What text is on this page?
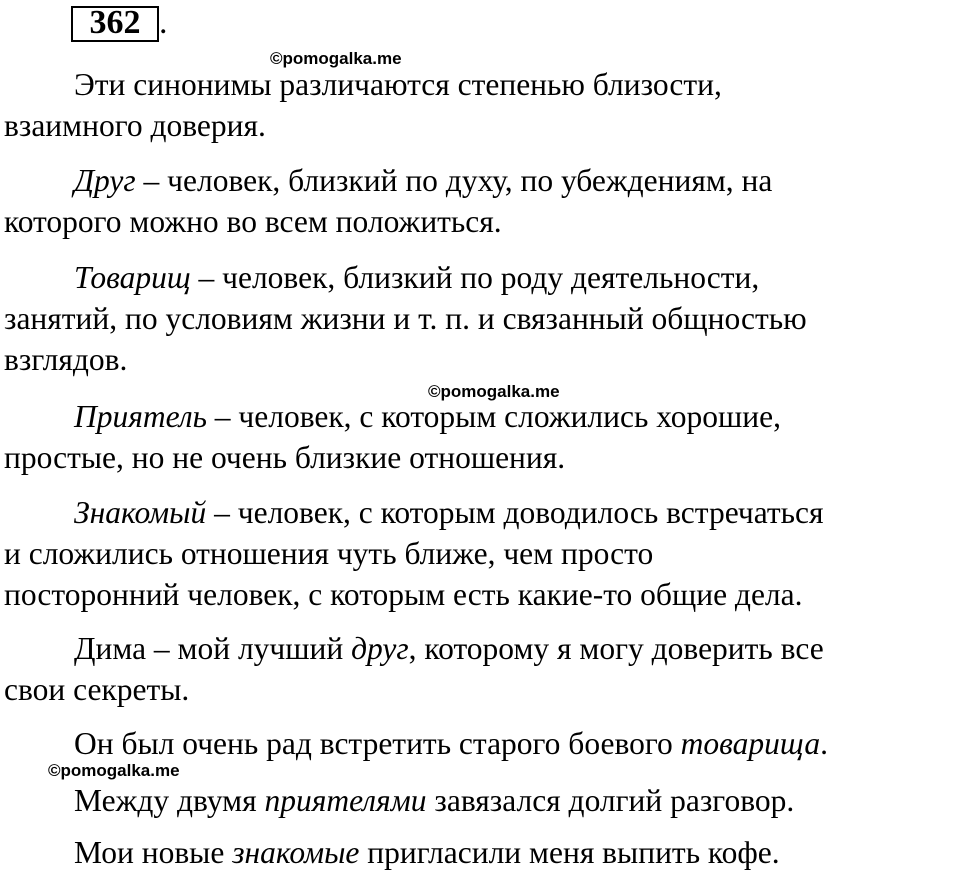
362 .
©pomogalka.me

Эти синонимы различаются степенью близости,
взаимного доверия.

Друг – человек, близкий по духу, по убеждениям, на
которого можно во всем положиться.

Товарищ – человек, близкий по роду деятельности,
занятий, по условиям жизни и т. п. и связанный общностью
взглядов.

©pomogalka.me

Приятель – человек, с которым сложились хорошие,
простые, но не очень близкие отношения.

Знакомый – человек, с которым доводилось встречаться
и сложились отношения чуть ближе, чем просто
посторонний человек, с которым есть какие-то общие дела.

Дима – мой лучший друг, которому я могу доверить все
свои секреты.

Он был очень рад встретить старого боевого товарища.

©pomogalka.me

Между двумя приятелями завязался долгий разговор.

Мои новые знакомые пригласили меня выпить кофе.
